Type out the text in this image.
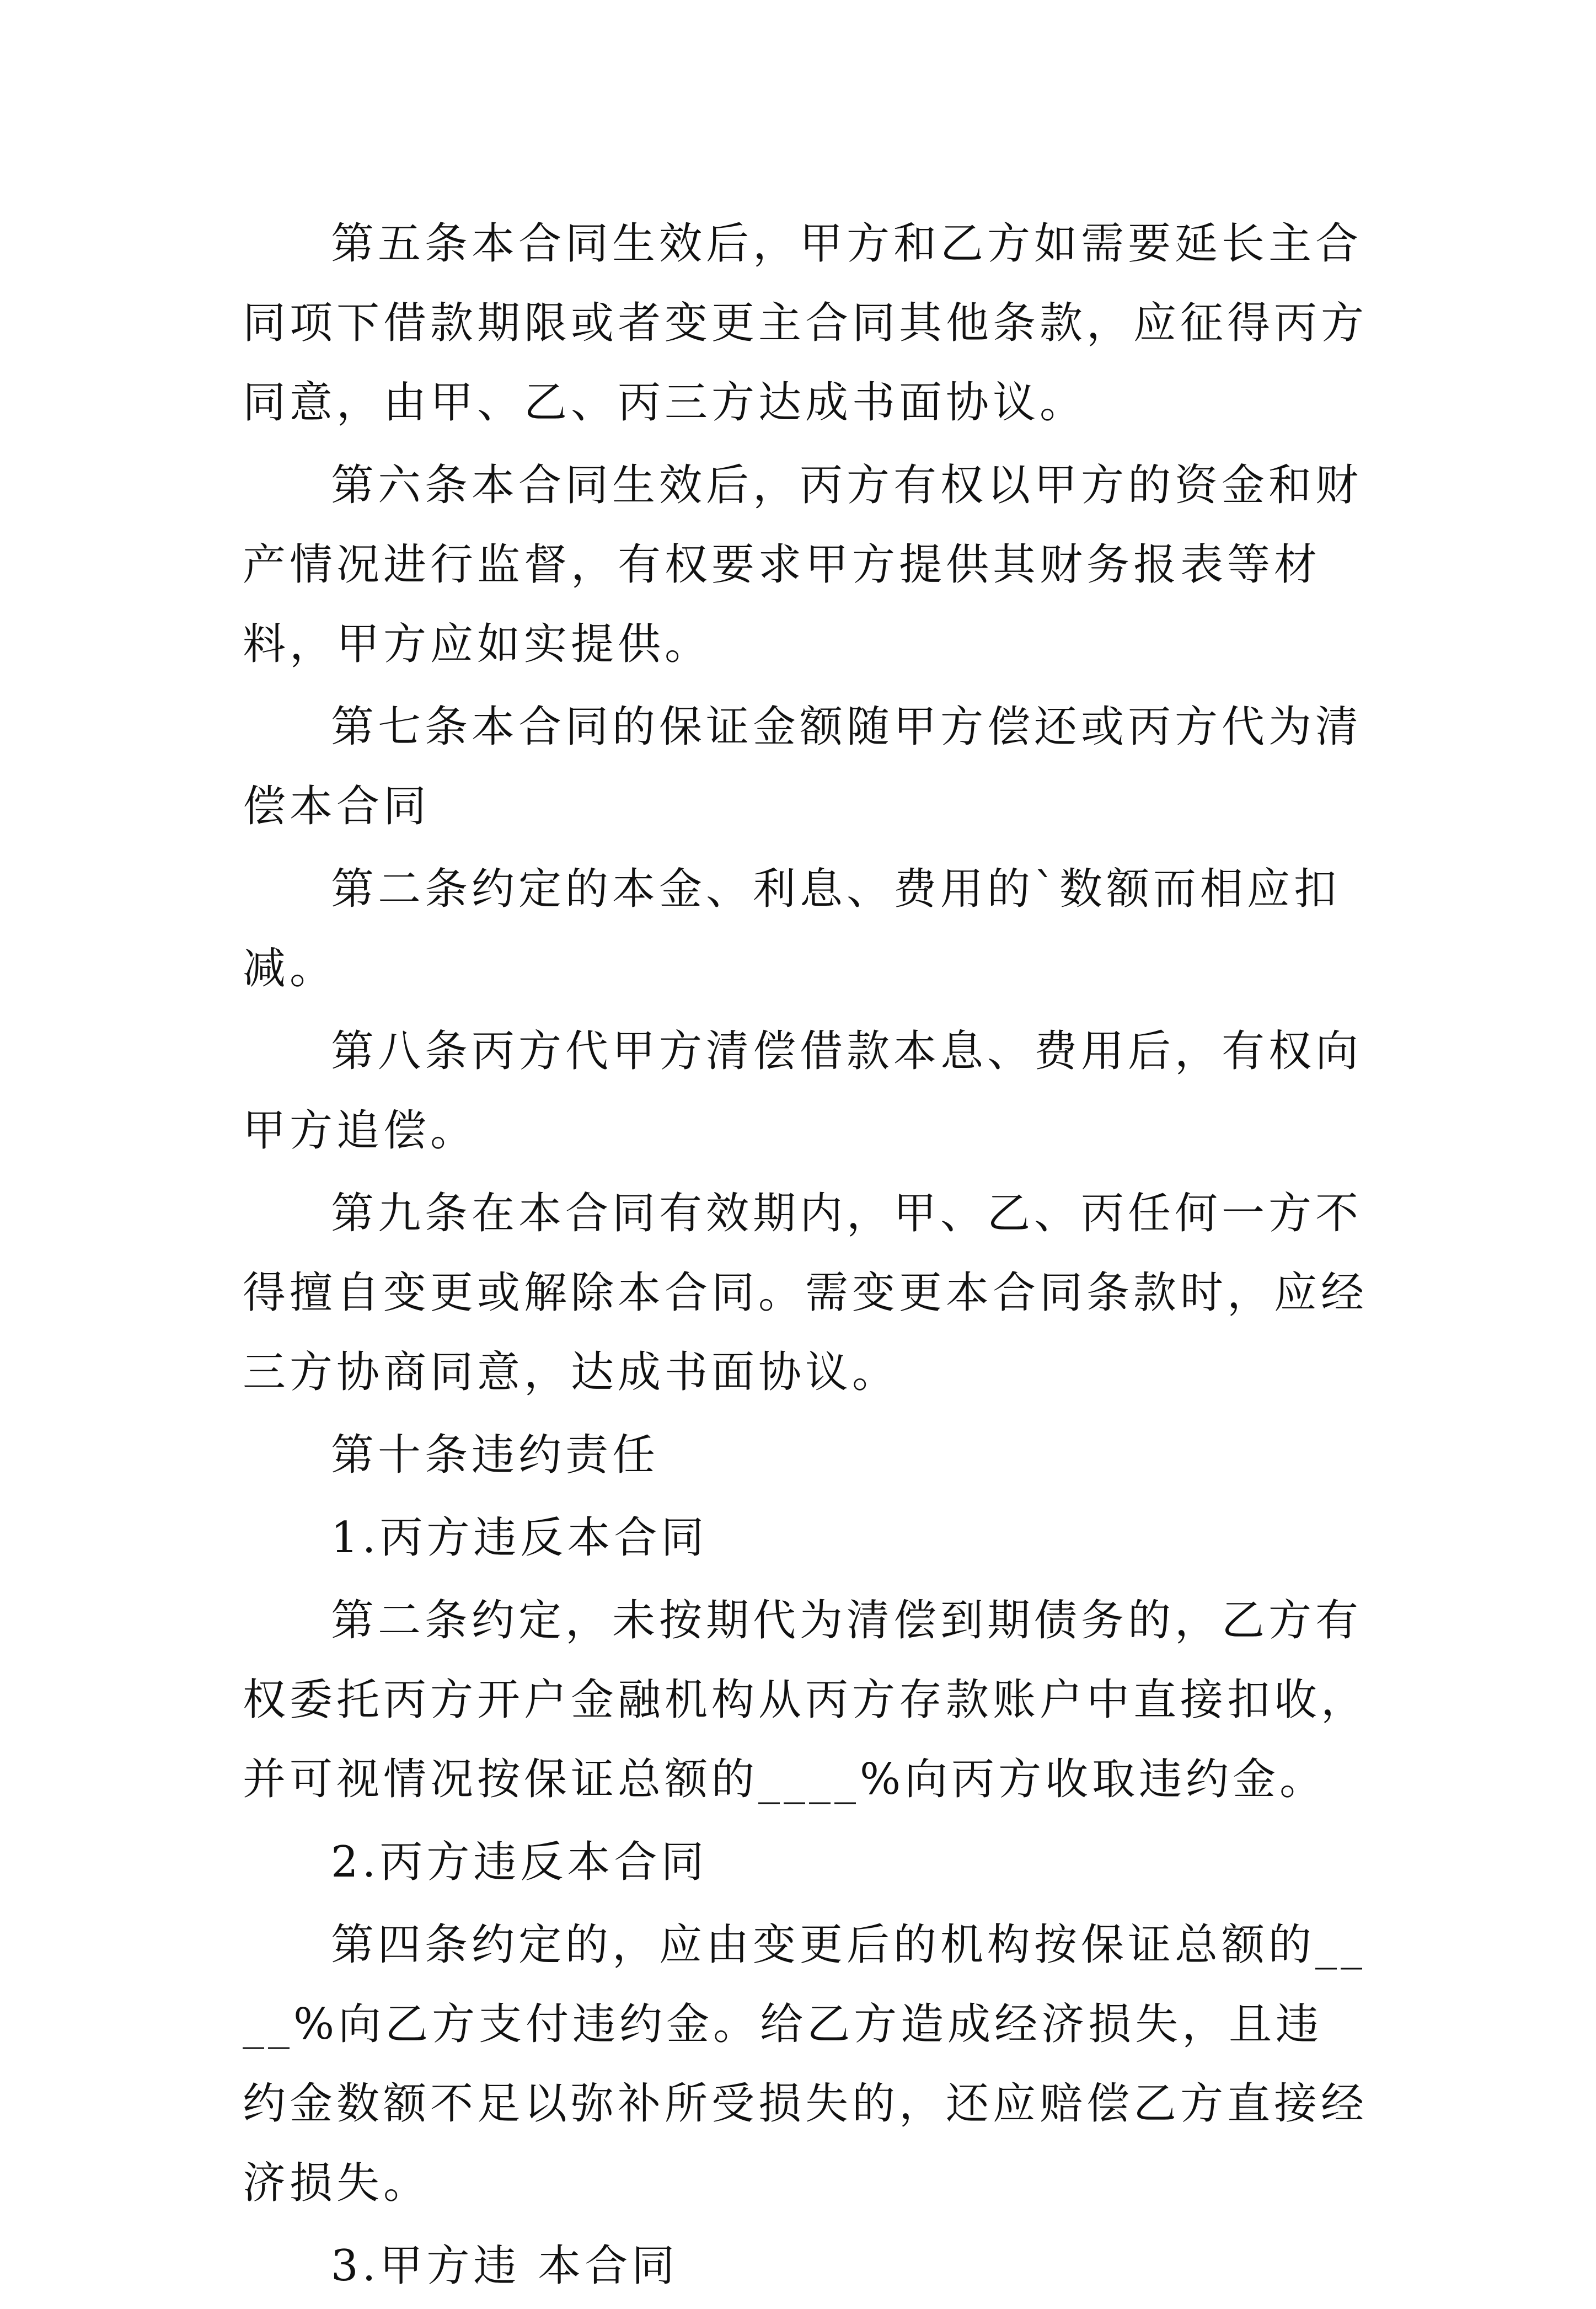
第五条本合同生效后，甲方和乙方如需要延长主合同项下借款期限或者变更主合同其他条款，应征得丙方同意，由甲、乙、丙三方达成书面协议。

第六条本合同生效后，丙方有权以甲方的资金和财产情况进行监督，有权要求甲方提供其财务报表等材料，甲方应如实提供。

第七条本合同的保证金额随甲方偿还或丙方代为清偿本合同

第二条约定的本金、利息、费用的`数额而相应扣减。

第八条丙方代甲方清偿借款本息、费用后，有权向甲方追偿。

第九条在本合同有效期内，甲、乙、丙任何一方不得擅自变更或解除本合同。需变更本合同条款时，应经三方协商同意，达成书面协议。

第十条违约责任

1.丙方违反本合同

第二条约定，未按期代为清偿到期债务的，乙方有权委托丙方开户金融机构从丙方存款账户中直接扣收，并可视情况按保证总额的____%向丙方收取违约金。

2.丙方违反本合同

第四条约定的，应由变更后的机构按保证总额的____%向乙方支付违约金。给乙方造成经济损失，且违约金数额不足以弥补所受损失的，还应赔偿乙方直接经济损失。

3.甲方违 本合同
